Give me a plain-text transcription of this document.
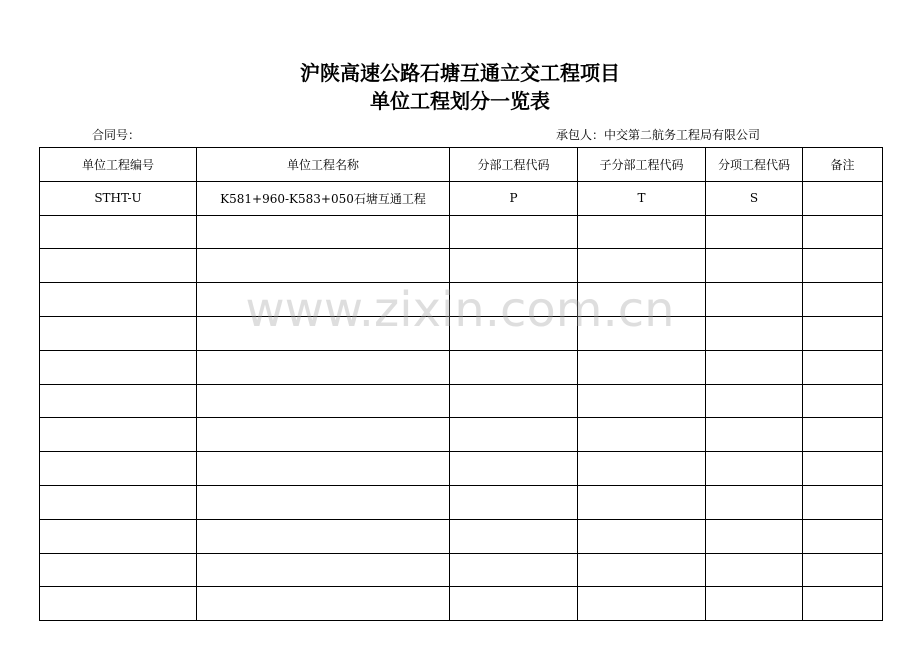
沪陕高速公路石塘互通立交工程项目
单位工程划分一览表
合同号：	承包人：中交第二航务工程局有限公司
单位工程编号	单位工程名称	分部工程代码	子分部工程代码	分项工程代码	备注
STHT-U	K581+960-K583+050石塘互通工程	P	T	S	

www.zixin.com.cn
